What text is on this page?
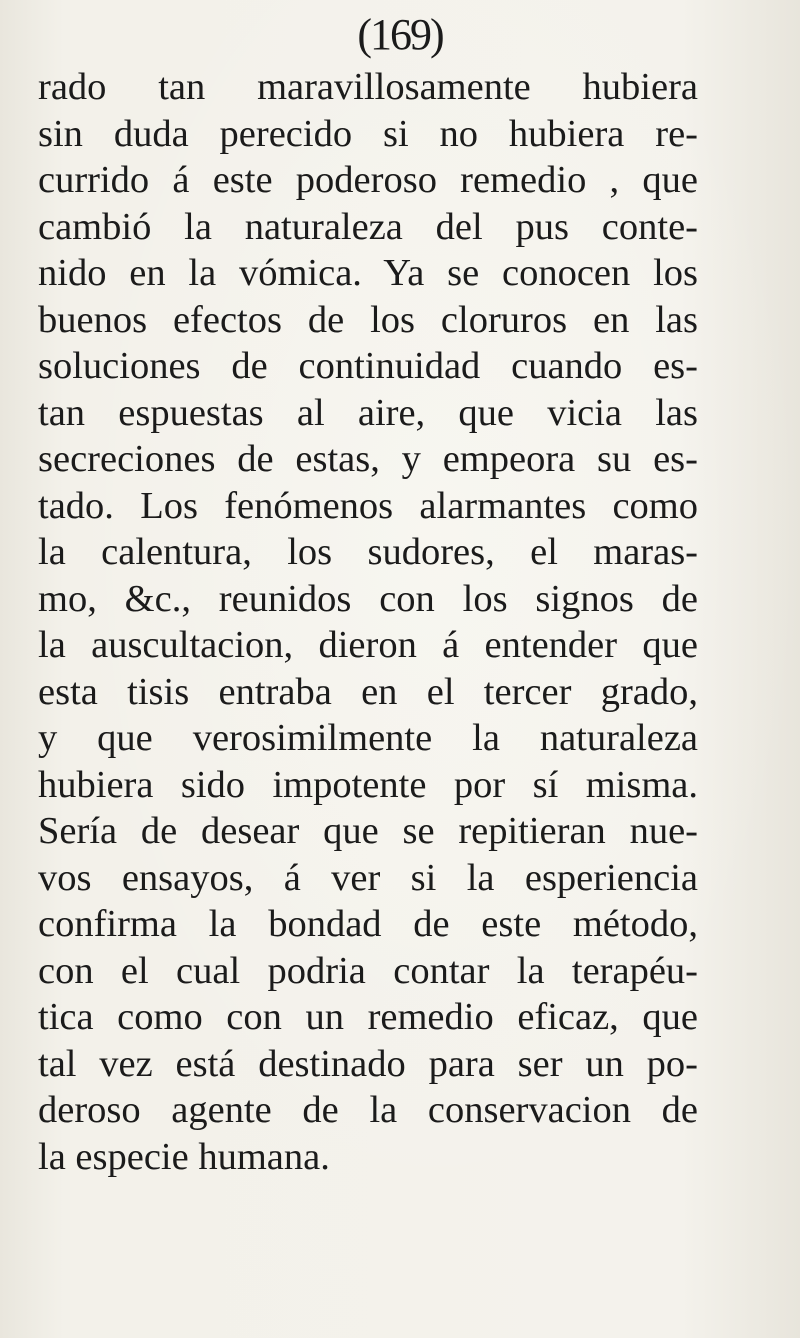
(169)
rado tan maravillosamente hubiera
sin duda perecido si no hubiera re-
currido á este poderoso remedio , que
cambió la naturaleza del pus conte-
nido en la vómica. Ya se conocen los
buenos efectos de los cloruros en las
soluciones de continuidad cuando es-
tan espuestas al aire, que vicia las
secreciones de estas, y empeora su es-
tado. Los fenómenos alarmantes como
la calentura, los sudores, el maras-
mo, &c., reunidos con los signos de
la auscultacion, dieron á entender que
esta tisis entraba en el tercer grado,
y que verosimilmente la naturaleza
hubiera sido impotente por sí misma.
Sería de desear que se repitieran nue-
vos ensayos, á ver si la esperiencia
confirma la bondad de este método,
con el cual podria contar la terapéu-
tica como con un remedio eficaz, que
tal vez está destinado para ser un po-
deroso agente de la conservacion de
la especie humana.
